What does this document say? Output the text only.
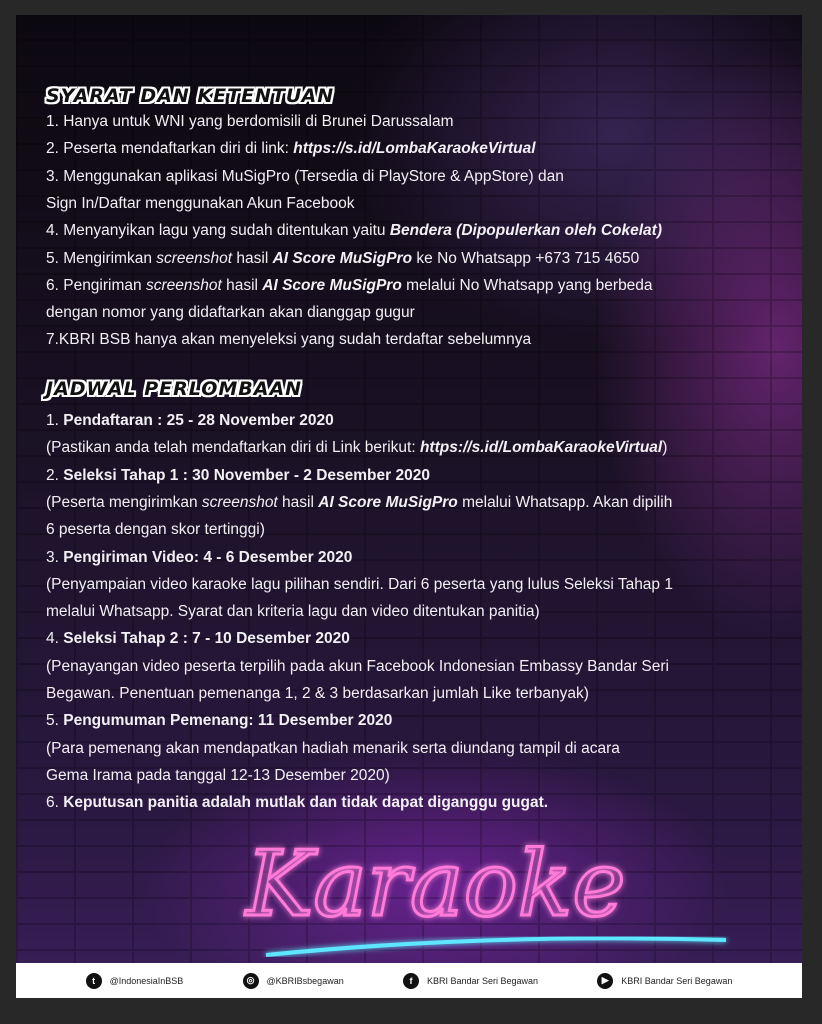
SYARAT DAN KETENTUAN
1. Hanya untuk WNI yang berdomisili di Brunei Darussalam
2. Peserta mendaftarkan diri di link: https://s.id/LombaKaraokeVirtual
3. Menggunakan aplikasi MuSigPro (Tersedia di PlayStore & AppStore) dan
Sign In/Daftar menggunakan Akun Facebook
4. Menyanyikan lagu yang sudah ditentukan yaitu Bendera (Dipopulerkan oleh Cokelat)
5. Mengirimkan screenshot hasil AI Score MuSigPro ke No Whatsapp +673 715 4650
6. Pengiriman screenshot hasil AI Score MuSigPro melalui No Whatsapp yang berbeda
dengan nomor yang didaftarkan akan dianggap gugur
7.KBRI BSB hanya akan menyeleksi yang sudah terdaftar sebelumnya
JADWAL PERLOMBAAN
1. Pendaftaran : 25 - 28 November 2020
(Pastikan anda telah mendaftarkan diri di Link berikut: https://s.id/LombaKaraokeVirtual)
2. Seleksi Tahap 1 : 30 November - 2 Desember 2020
(Peserta mengirimkan screenshot hasil AI Score MuSigPro melalui Whatsapp. Akan dipilih
6 peserta dengan skor tertinggi)
3. Pengiriman Video: 4 - 6 Desember 2020
(Penyampaian video karaoke lagu pilihan sendiri. Dari 6 peserta yang lulus Seleksi Tahap 1
melalui Whatsapp. Syarat dan kriteria lagu dan video ditentukan panitia)
4. Seleksi Tahap 2 : 7 - 10 Desember 2020
(Penayangan video peserta terpilih pada akun Facebook Indonesian Embassy Bandar Seri
Begawan. Penentuan pemenanga 1, 2 & 3 berdasarkan jumlah Like terbanyak)
5. Pengumuman Pemenang: 11 Desember 2020
(Para pemenang akan mendapatkan hadiah menarik serta diundang tampil di acara
Gema Irama pada tanggal 12-13 Desember 2020)
6. Keputusan panitia adalah mutlak dan tidak dapat diganggu gugat.
Karaoke
t	@IndonesiaInBSB	◎	@KBRIBsbegawan	f	KBRI Bandar Seri Begawan	▶	KBRI Bandar Seri Begawan
